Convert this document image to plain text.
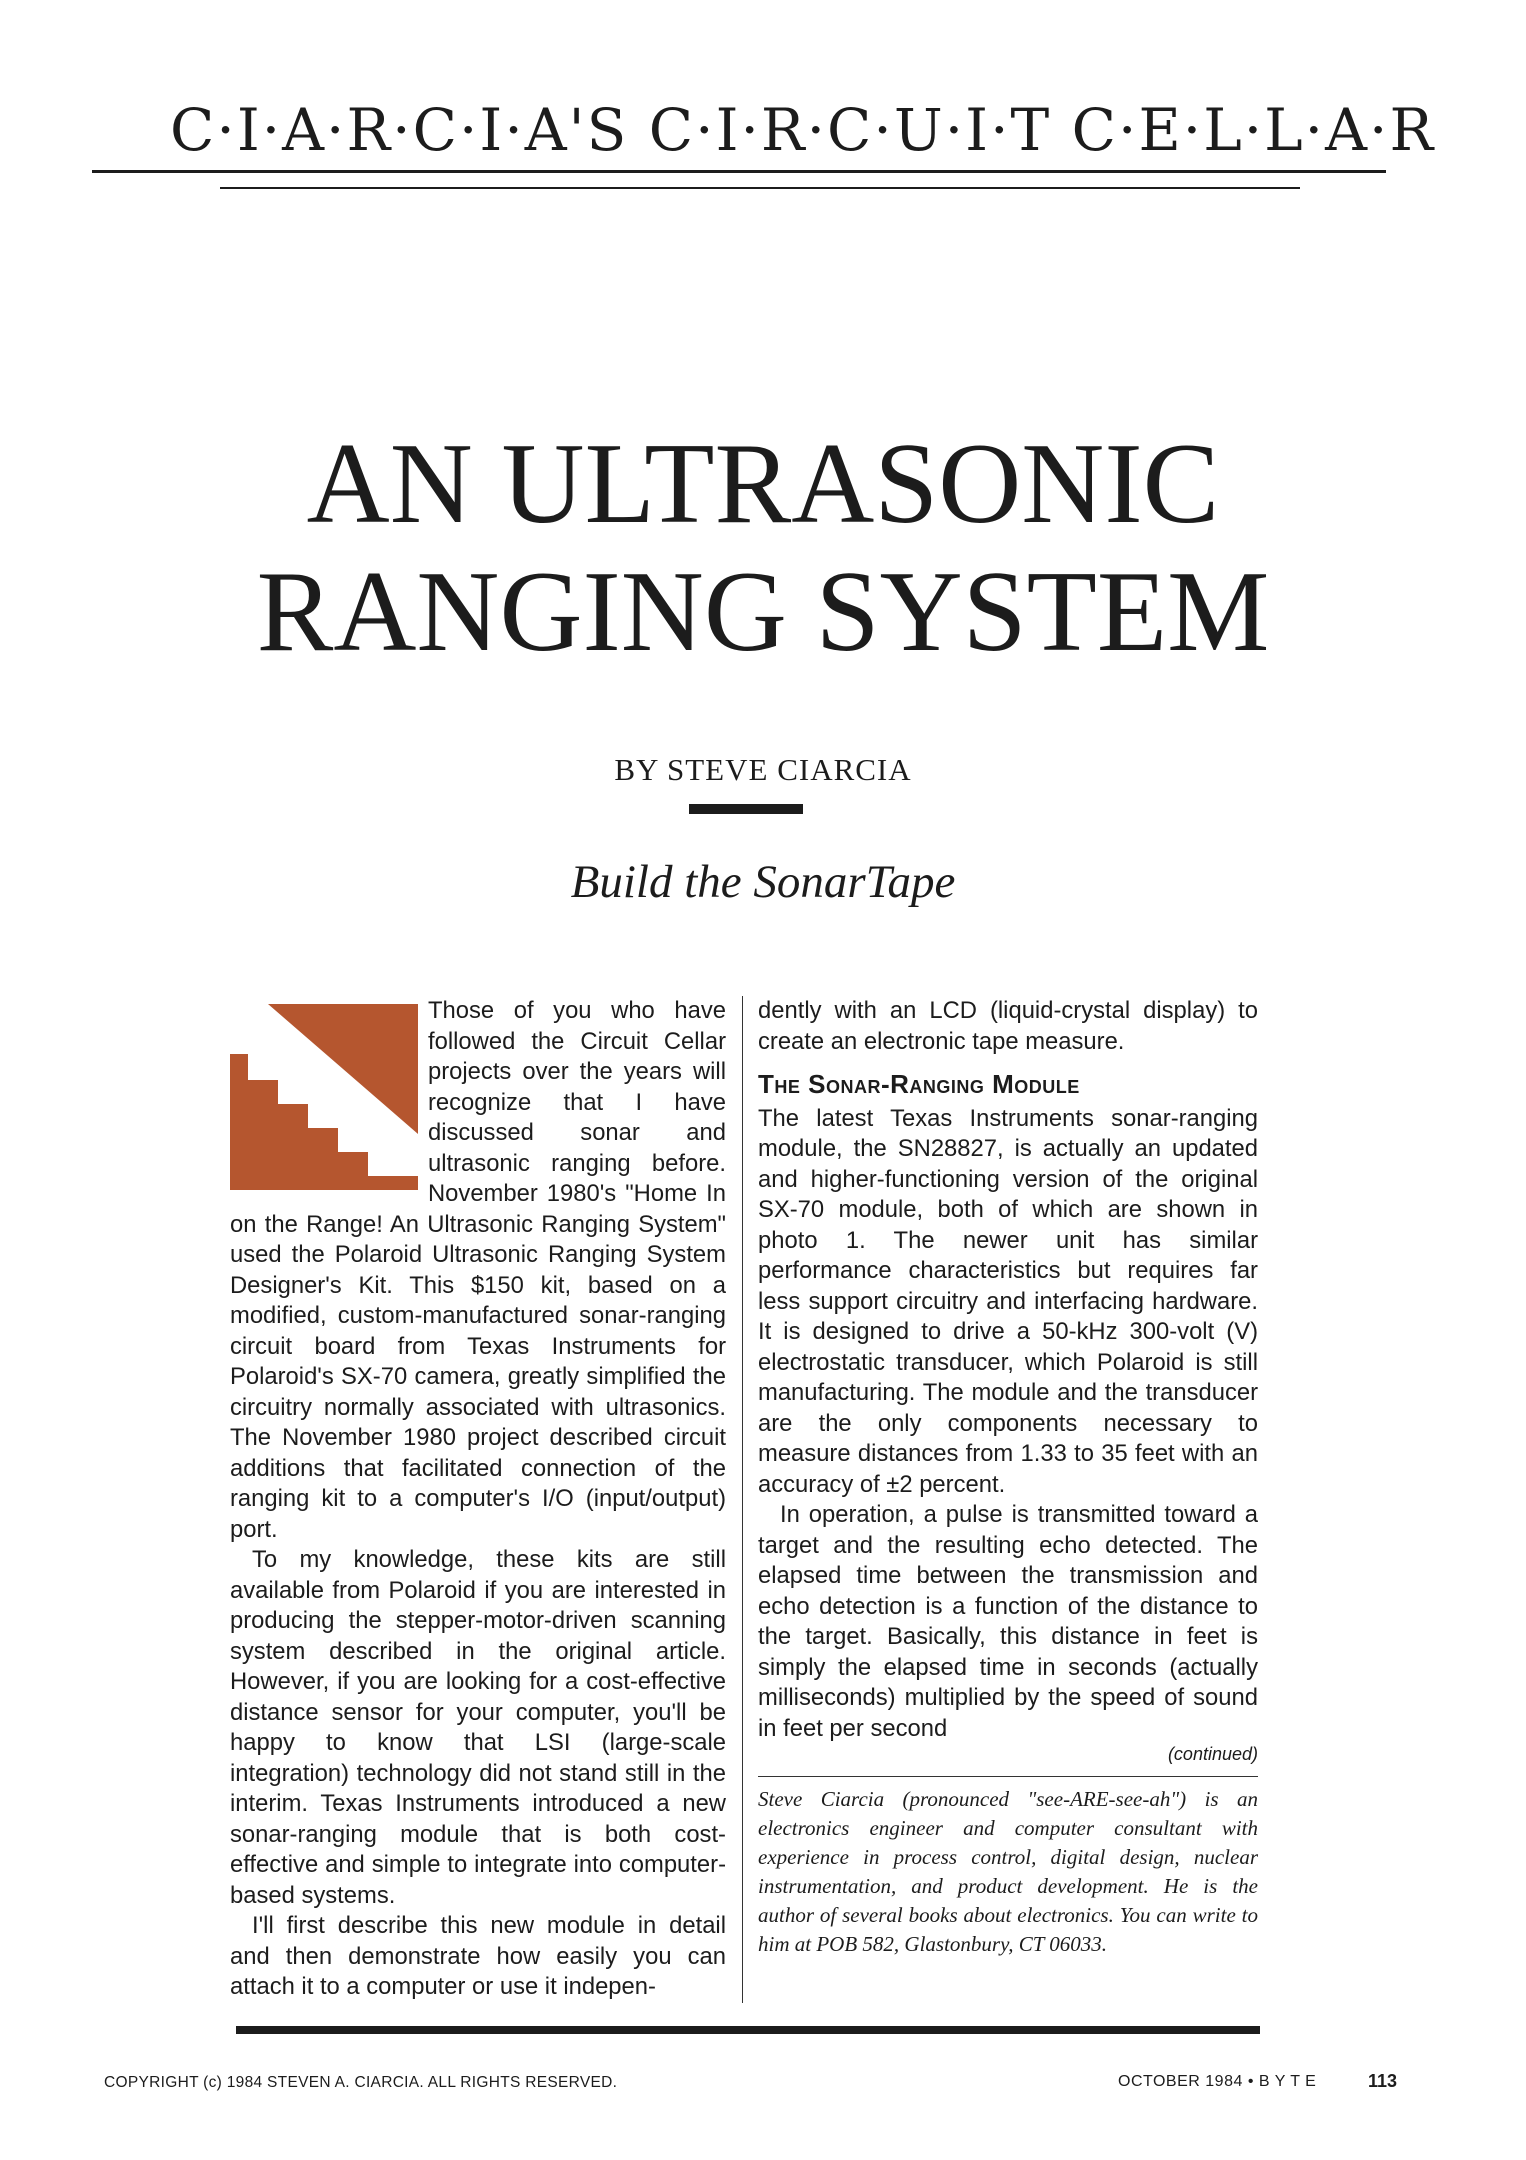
C·I·A·R·C·I·A'S C·I·R·C·U·I·T C·E·L·L·A·R
AN ULTRASONIC
RANGING SYSTEM
BY STEVE CIARCIA
Build the SonarTape

Those of you who have followed the Circuit Cellar projects over the years will recognize that I have discussed sonar and ultrasonic ranging before. November 1980's "Home In on the Range! An Ultrasonic Ranging System" used the Polaroid Ultrasonic Ranging System Designer's Kit. This $150 kit, based on a modified, custom-manufactured sonar-ranging circuit board from Texas Instruments for Polaroid's SX-70 camera, greatly simplified the circuitry normally associated with ultrasonics. The November 1980 project described circuit additions that facilitated connection of the ranging kit to a computer's I/O (input/output) port.

To my knowledge, these kits are still available from Polaroid if you are interested in producing the stepper-motor-driven scanning system described in the original article. However, if you are looking for a cost-effective distance sensor for your computer, you'll be happy to know that LSI (large-scale integration) technology did not stand still in the interim. Texas Instruments introduced a new sonar-ranging module that is both cost-effective and simple to integrate into computer-based systems.

I'll first describe this new module in detail and then demonstrate how easily you can attach it to a computer or use it indepen-

dently with an LCD (liquid-crystal display) to create an electronic tape measure.

The Sonar-Ranging Module

The latest Texas Instruments sonar-ranging module, the SN28827, is actually an updated and higher-functioning version of the original SX-70 module, both of which are shown in photo 1. The newer unit has similar performance characteristics but requires far less support circuitry and interfacing hardware. It is designed to drive a 50-kHz 300-volt (V) electrostatic transducer, which Polaroid is still manufacturing. The module and the transducer are the only components necessary to measure distances from 1.33 to 35 feet with an accuracy of ±2 percent.

In operation, a pulse is transmitted toward a target and the resulting echo detected. The elapsed time between the transmission and echo detection is a function of the distance to the target. Basically, this distance in feet is simply the elapsed time in seconds (actually milliseconds) multiplied by the speed of sound in feet per second

(continued)
Steve Ciarcia (pronounced "see-ARE-see-ah") is an electronics engineer and computer consultant with experience in process control, digital design, nuclear instrumentation, and product development. He is the author of several books about electronics. You can write to him at POB 582, Glastonbury, CT 06033.
COPYRIGHT (c) 1984 STEVEN A. CIARCIA. ALL RIGHTS RESERVED.	OCTOBER 1984 • B Y T E	113
